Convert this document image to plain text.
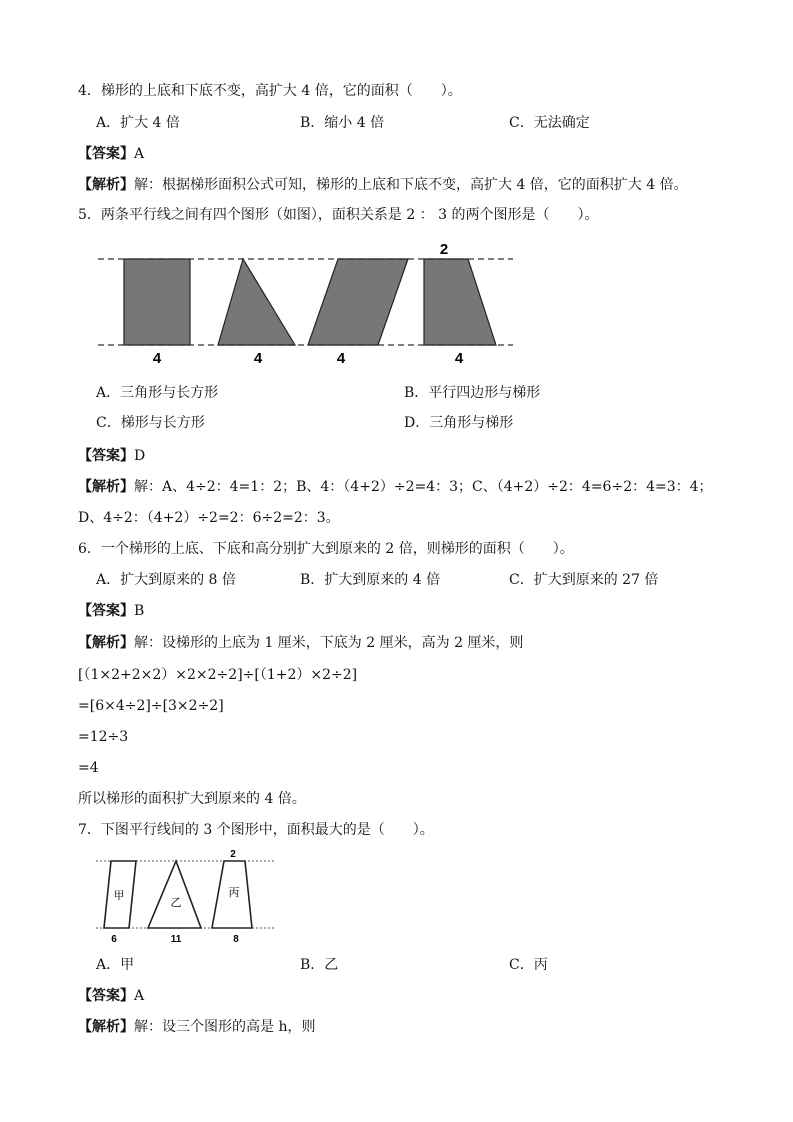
4．梯形的上底和下底不变，高扩大 4 倍，它的面积（　　）。
A．扩大 4 倍	B．缩小 4 倍	C．无法确定
【答案】A
【解析】解：根据梯形面积公式可知，梯形的上底和下底不变，高扩大 4 倍，它的面积扩大 4 倍。
5．两条平行线之间有四个图形（如图），面积关系是 2 ： 3 的两个图形是（　　）。
2
4	4	4	4
A．三角形与长方形	B．平行四边形与梯形
C．梯形与长方形	D．三角形与梯形
【答案】D
【解析】解：A、4÷2：4=1：2；B、4：（4+2）÷2=4：3；C、（4+2）÷2：4=6÷2：4=3：4；
D、4÷2：（4+2）÷2=2：6÷2=2：3。
6．一个梯形的上底、下底和高分别扩大到原来的 2 倍，则梯形的面积（　　）。
A．扩大到原来的 8 倍	B．扩大到原来的 4 倍	C．扩大到原来的 27 倍
【答案】B
【解析】解：设梯形的上底为 1 厘米，下底为 2 厘米，高为 2 厘米，则
[（1×2+2×2）×2×2÷2]÷[（1+2）×2÷2]
=[6×4÷2]÷[3×2÷2]
=12÷3
=4
所以梯形的面积扩大到原来的 4 倍。
7．下图平行线间的 3 个图形中，面积最大的是（　　）。
甲
乙
丙
2
6	11	8
A．甲	B．乙	C．丙
【答案】A
【解析】解：设三个图形的高是 h，则
